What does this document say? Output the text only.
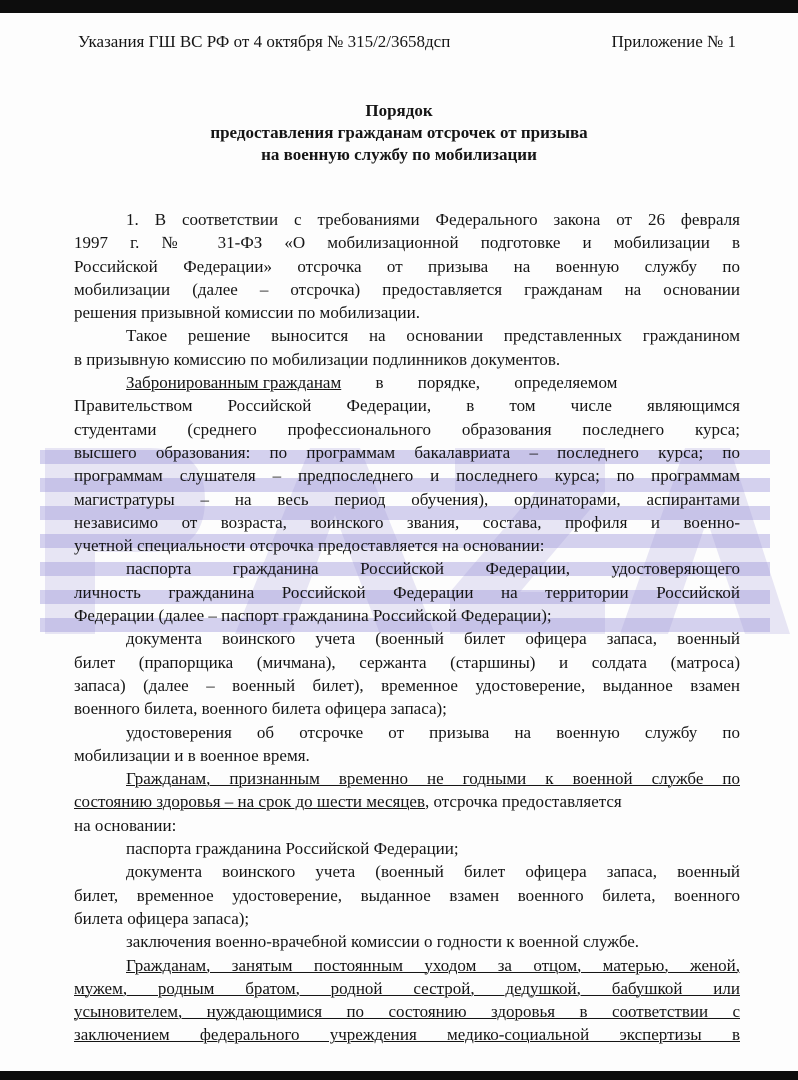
Указания ГШ ВС РФ от 4 октября № 315/2/3658дсп	Приложение № 1
Порядок
предоставления гражданам отсрочек от призыва
на военную службу по мобилизации
1. В соответствии с требованиями Федерального закона от 26 февраля
1997 г. № 31-ФЗ «О мобилизационной подготовке и мобилизации в
Российской Федерации» отсрочка от призыва на военную службу по
мобилизации (далее – отсрочка) предоставляется гражданам на основании
решения призывной комиссии по мобилизации.
Такое решение выносится на основании представленных гражданином
в призывную комиссию по мобилизации подлинников документов.
Забронированным гражданам в порядке, определяемом
Правительством Российской Федерации, в том числе являющимся
студентами (среднего профессионального образования последнего курса;
высшего образования: по программам бакалавриата – последнего курса; по
программам слушателя – предпоследнего и последнего курса; по программам
магистратуры – на весь период обучения), ординаторами, аспирантами
независимо от возраста, воинского звания, состава, профиля и военно-
учетной специальности отсрочка предоставляется на основании:
паспорта гражданина Российской Федерации, удостоверяющего
личность гражданина Российской Федерации на территории Российской
Федерации (далее – паспорт гражданина Российской Федерации);
документа воинского учета (военный билет офицера запаса, военный
билет (прапорщика (мичмана), сержанта (старшины) и солдата (матроса)
запаса) (далее – военный билет), временное удостоверение, выданное взамен
военного билета, военного билета офицера запаса);
удостоверения об отсрочке от призыва на военную службу по
мобилизации и в военное время.
Гражданам, признанным временно не годными к военной службе по
состоянию здоровья – на срок до шести месяцев, отсрочка предоставляется
на основании:
паспорта гражданина Российской Федерации;
документа воинского учета (военный билет офицера запаса, военный
билет, временное удостоверение, выданное взамен военного билета, военного
билета офицера запаса);
заключения военно-врачебной комиссии о годности к военной службе.
Гражданам, занятым постоянным уходом за отцом, матерью, женой,
мужем, родным братом, родной сестрой, дедушкой, бабушкой или
усыновителем, нуждающимися по состоянию здоровья в соответствии с
заключением федерального учреждения медико-социальной экспертизы в
